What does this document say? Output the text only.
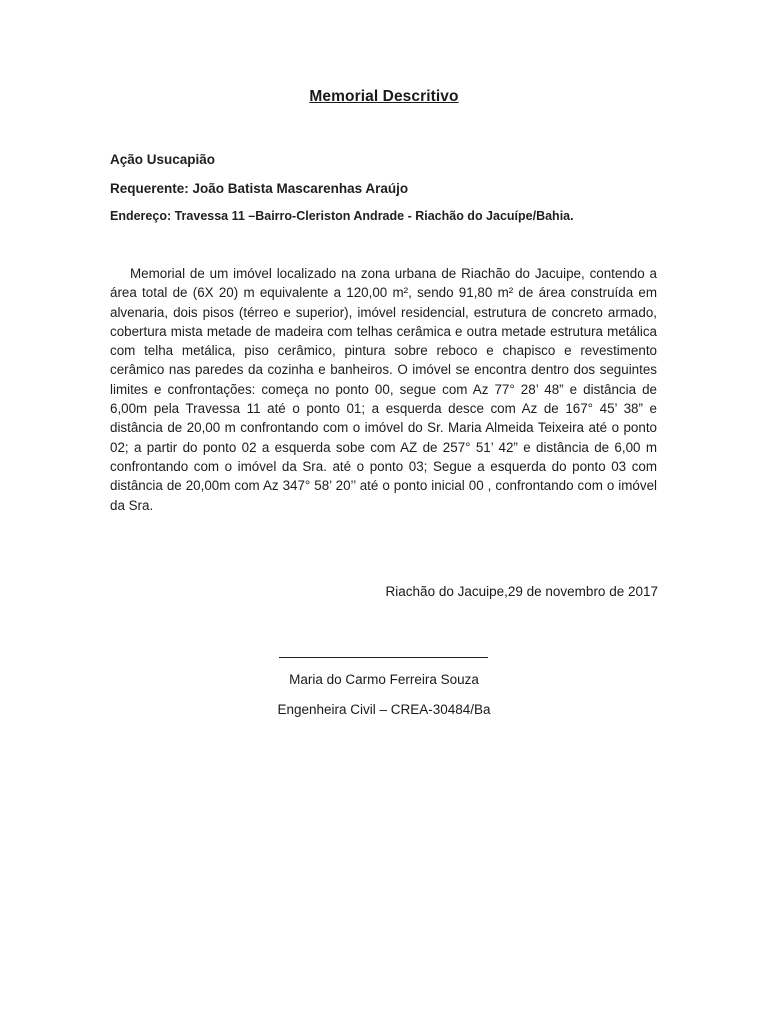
Memorial Descritivo
Ação Usucapião
Requerente: João Batista Mascarenhas Araújo
Endereço: Travessa 11 –Bairro-Cleriston Andrade - Riachão do Jacuípe/Bahia.

Memorial de um imóvel localizado na zona urbana de Riachão do Jacuipe, contendo a área total de (6X 20) m equivalente a 120,00 m², sendo 91,80 m² de área construída em alvenaria, dois pisos (térreo e superior), imóvel residencial, estrutura de concreto armado, cobertura mista metade de madeira com telhas cerâmica e outra metade estrutura metálica com telha metálica, piso cerâmico, pintura sobre reboco e chapisco e revestimento cerâmico nas paredes da cozinha e banheiros. O imóvel se encontra dentro dos seguintes limites e confrontações: começa no ponto 00, segue com Az 77° 28’ 48” e distância de 6,00m pela Travessa 11 até o ponto 01; a esquerda desce com Az de 167° 45’ 38” e distância de 20,00 m confrontando com o imóvel do Sr. Maria Almeida Teixeira até o ponto 02; a partir do ponto 02 a esquerda sobe com AZ de 257° 51’ 42” e distância de 6,00 m confrontando com o imóvel da Sra. até o ponto 03; Segue a esquerda do ponto 03 com distância de 20,00m com Az 347° 58’ 20’’ até o ponto inicial 00 , confrontando com o imóvel da Sra.

Riachão do Jacuipe,29 de novembro de 2017
Maria do Carmo Ferreira Souza
Engenheira Civil – CREA-30484/Ba
